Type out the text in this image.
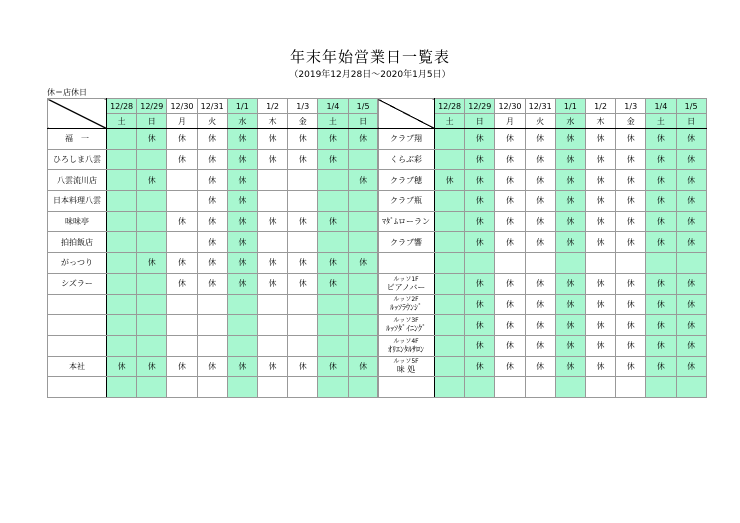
年末年始営業日一覧表
（2019年12月28日～2020年1月5日）
休＝店休日
	12/28	12/29	12/30	12/31	1/1	1/2	1/3	1/4	1/5
	土	日	月	火	水	木	金	土	日
福　一		休	休	休	休	休	休	休	休
ひろしま八雲			休	休	休	休	休	休	
八雲流川店		休		休	休				休
日本料理八雲				休	休				
味味亭			休	休	休	休	休	休	
拍拍飯店				休	休				
がっつり		休	休	休	休	休	休	休	休
シズラー			休	休	休	休	休	休	

本社	休	休	休	休	休	休	休	休	休

	12/28	12/29	12/30	12/31	1/1	1/2	1/3	1/4	1/5
	土	日	月	火	水	木	金	土	日
クラブ翔		休	休	休	休	休	休	休	休
くらぶ彩		休	休	休	休	休	休	休	休
クラブ穂	休	休	休	休	休	休	休	休	休
クラブ瓶		休	休	休	休	休	休	休	休
ﾏﾀﾞﾑローラン		休	休	休	休	休	休	休	休
クラブ響		休	休	休	休	休	休	休	休

ルッソ1F
ビアノバー		休	休	休	休	休	休	休	休

ルッソ2F
ﾙｯｿﾗｳﾝｼﾞ		休	休	休	休	休	休	休	休

ルッソ3F
ﾙｯｿﾀﾞｲﾆﾝｸﾞ		休	休	休	休	休	休	休	休

ルッソ4F
ｵﾘｴﾝﾀﾙｻﾛﾝ		休	休	休	休	休	休	休	休

ルッソ5F
味 処		休	休	休	休	休	休	休	休
